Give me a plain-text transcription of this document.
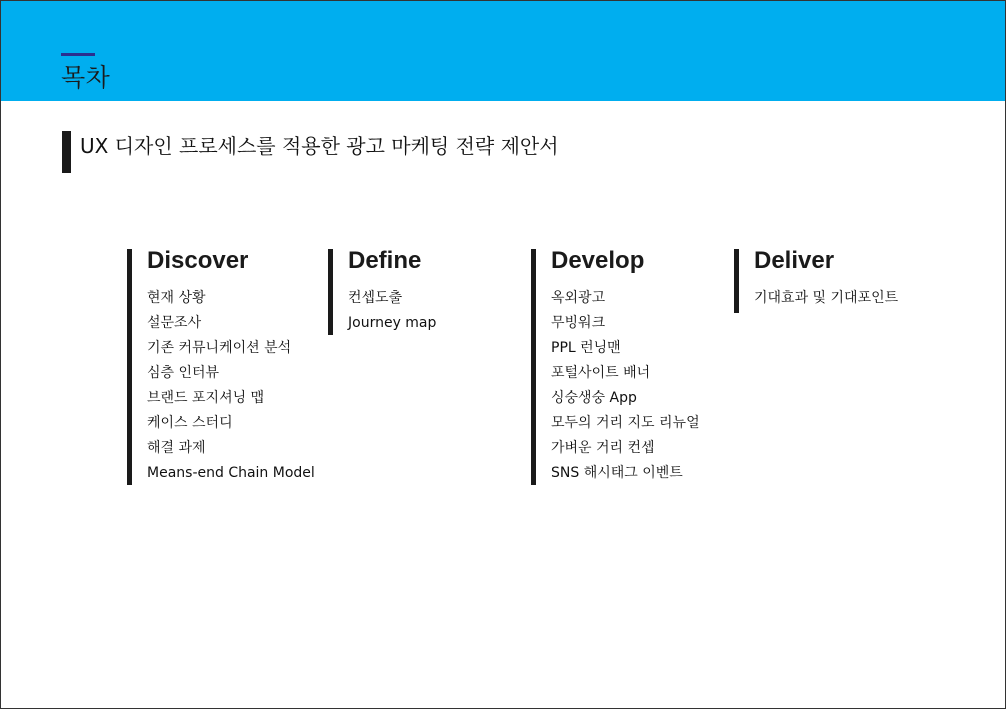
목차
UX 디자인 프로세스를 적용한 광고 마케팅 전략 제안서
Discover
현재 상황
설문조사
기존 커뮤니케이션 분석
심층 인터뷰
브랜드 포지셔닝 맵
케이스 스터디
해결 과제
Means-end Chain Model
Define
컨셉도출
Journey map
Develop
옥외광고
무빙워크
PPL 런닝맨
포털사이트 배너
싱숭생숭 App
모두의 거리 지도 리뉴얼
가벼운 거리 컨셉
SNS 해시태그 이벤트
Deliver
기대효과 및 기대포인트
